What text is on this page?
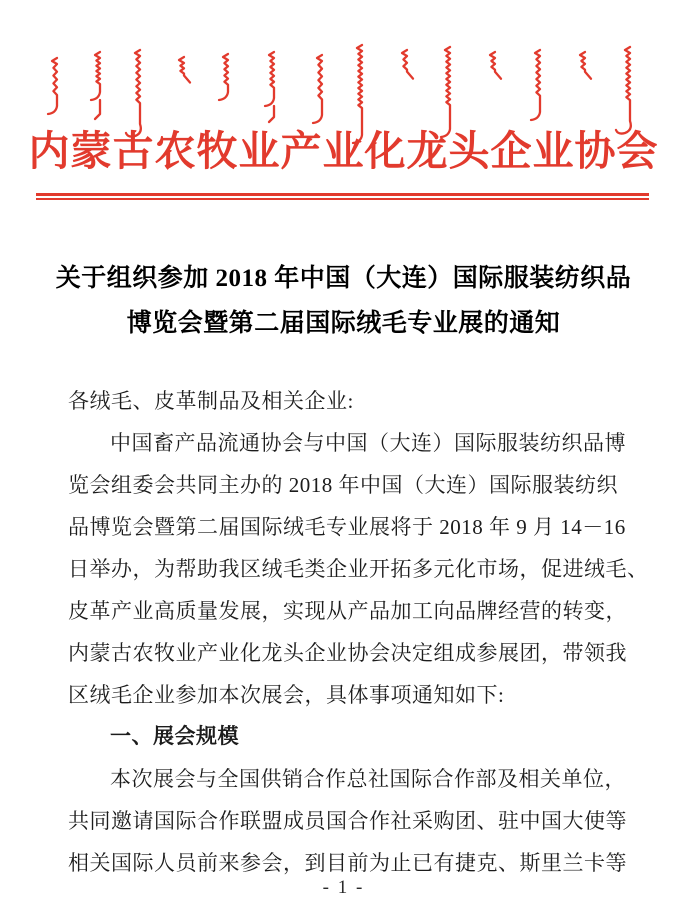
内蒙古农牧业产业化龙头企业协会
关于组织参加 2018 年中国（大连）国际服装纺织品
博览会暨第二届国际绒毛专业展的通知
各绒毛、皮革制品及相关企业:
中国畜产品流通协会与中国（大连）国际服装纺织品博
览会组委会共同主办的 2018 年中国（大连）国际服装纺织
品博览会暨第二届国际绒毛专业展将于 2018 年 9 月 14－16
日举办，为帮助我区绒毛类企业开拓多元化市场，促进绒毛、
皮革产业高质量发展，实现从产品加工向品牌经营的转变，
内蒙古农牧业产业化龙头企业协会决定组成参展团，带领我
区绒毛企业参加本次展会，具体事项通知如下:
一、展会规模
本次展会与全国供销合作总社国际合作部及相关单位，
共同邀请国际合作联盟成员国合作社采购团、驻中国大使等
相关国际人员前来参会，到目前为止已有捷克、斯里兰卡等
- 1 -
